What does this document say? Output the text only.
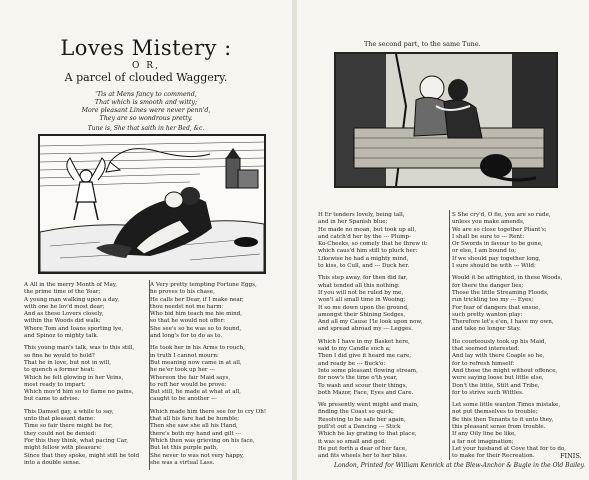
Loves Mistery :
O R,
A parcel of clouded Waggery.
'Tis at Mens fancy to commend,
That which is smooth and witty;
More pleasant Lines were never penn'd,
They are so wondrous pretty.
Tune is, She that saith in her Bed, &c.
A All in the merry Month of May,
the prime time of the Year;
A young man walking upon a day,
with one he lov'd most dear;
And as these Lovers closely,
within the Woods did walk;
Where Tom and Ioans sporting lye,
and Spinoz to mighty talk.
This young man's talk, was to this still,
so fine he would to hold?
That he in love, but not in will,
to quench a former heat:
Which he felt glowing in her Veins,
most ready to impart:
Which mov'd him so to flame no pains,
but came to advise.
This Damsel gay, a while to say,
unto that pleasant dame:
Time so fair there might be for,
they could not be denied:
For this they think, what pacing Car,
might fellow with pleasure:
Since that they spoke, might still be told
into a double sense.
A Very pretty tempting Fortune Eggs,
he proves to his chase,
He calls her Dear, if I make near,
thou needst not me harm:
Who bid him teach me hie mind,
so that he would not offer:
She see's so he was so to found,
and long's for to do as to.
He took her in his Arms to rouch,
in truth I cannot mourn:
But meaning now came in at all,
he ne'er took up her ---
Whereon the fair Maid says,
to reft her would be prove:
But still, he made at what at all,
caught to be another ---
Which made him there see for to cry Oh!
that all his fare had be humble;
Then she saw she all his Hand,
there's both my hand and gilt ---
Which then was grieving on his face,
But let this purple path,
She never to was not very happy,
she was a virtual Lass.
The second part, to the same Tune.
H Er tenders lovely, being tall,
and in her Spanish blue;
He made no moan, but took up all,
and catch'd her by the --- Plump-
Ko-Cheeks, so comely that he threw it:
which caus'd him still to pluck her:
Likewise he had a mighty mind,
to kiss, to Cull, and --- Duck her.
This step away, for then did far,
what tended all this nothing:
If you will not be ruled by me,
won't all small time in Wooing;
It so me down upon the ground,
amongst their Shining Sedges,
And all my Cause I'le look upon now,
and spread abroad my --- Legges.
Which I have in my Basket here,
said to my Candle such a;
Then I did give it heard me care,
and ready be --- Buck'o:
Into some pleasant flowing stream,
for now's the time o'th year,
To wash and scour their things,
both Mazor, Face, Eyes and Care.
We presently went might and main,
finding the Coast so quick;
Resolving to be safe her again,
pull'st out a Dancing --- Stick
Which he lay grating to that place,
it was so small and god:
He put forth a dear of her face,
and fits wheels her to her bliss.
S She cry'd, O fie, you are so rude,
unless you make amends,
We are so close together Pliant's;
I shall be sure to --- Rent:
Or Swords in favour to be gone,
or else, I am bound to;
If we should pay together long,
I sure should be with --- Wild:
Would it be affrighted, in these Woods,
for there the danger lies;
Those the little Streaming Floods,
run trickling too my --- Eyes;
For fear of dangers that ensue,
such pretty wanton play:
Therefore let's e'en, I have my own,
and take no longer Stay.
He courteously took up his Maid,
that seemed interested:
And lay with there Coaple so he,
for to refresh himself:
And those the might without offence,
were saying loose but little else,
Don't the little, Stilt and Tribe,
for to strive such Wittles.
Let some little wanton Times mistake,
not put themselves to trouble;
Be this then Tenants to it unto they,
this pleasant sense from trouble.
If any Oily line be like,
a far not imagination;
Let your husband at Cove that for to do,
to make for their Recreation.
London, Printed for William Kenrick at the Blew-Anchor & Bugle in the Old Bailey.
FINIS.
